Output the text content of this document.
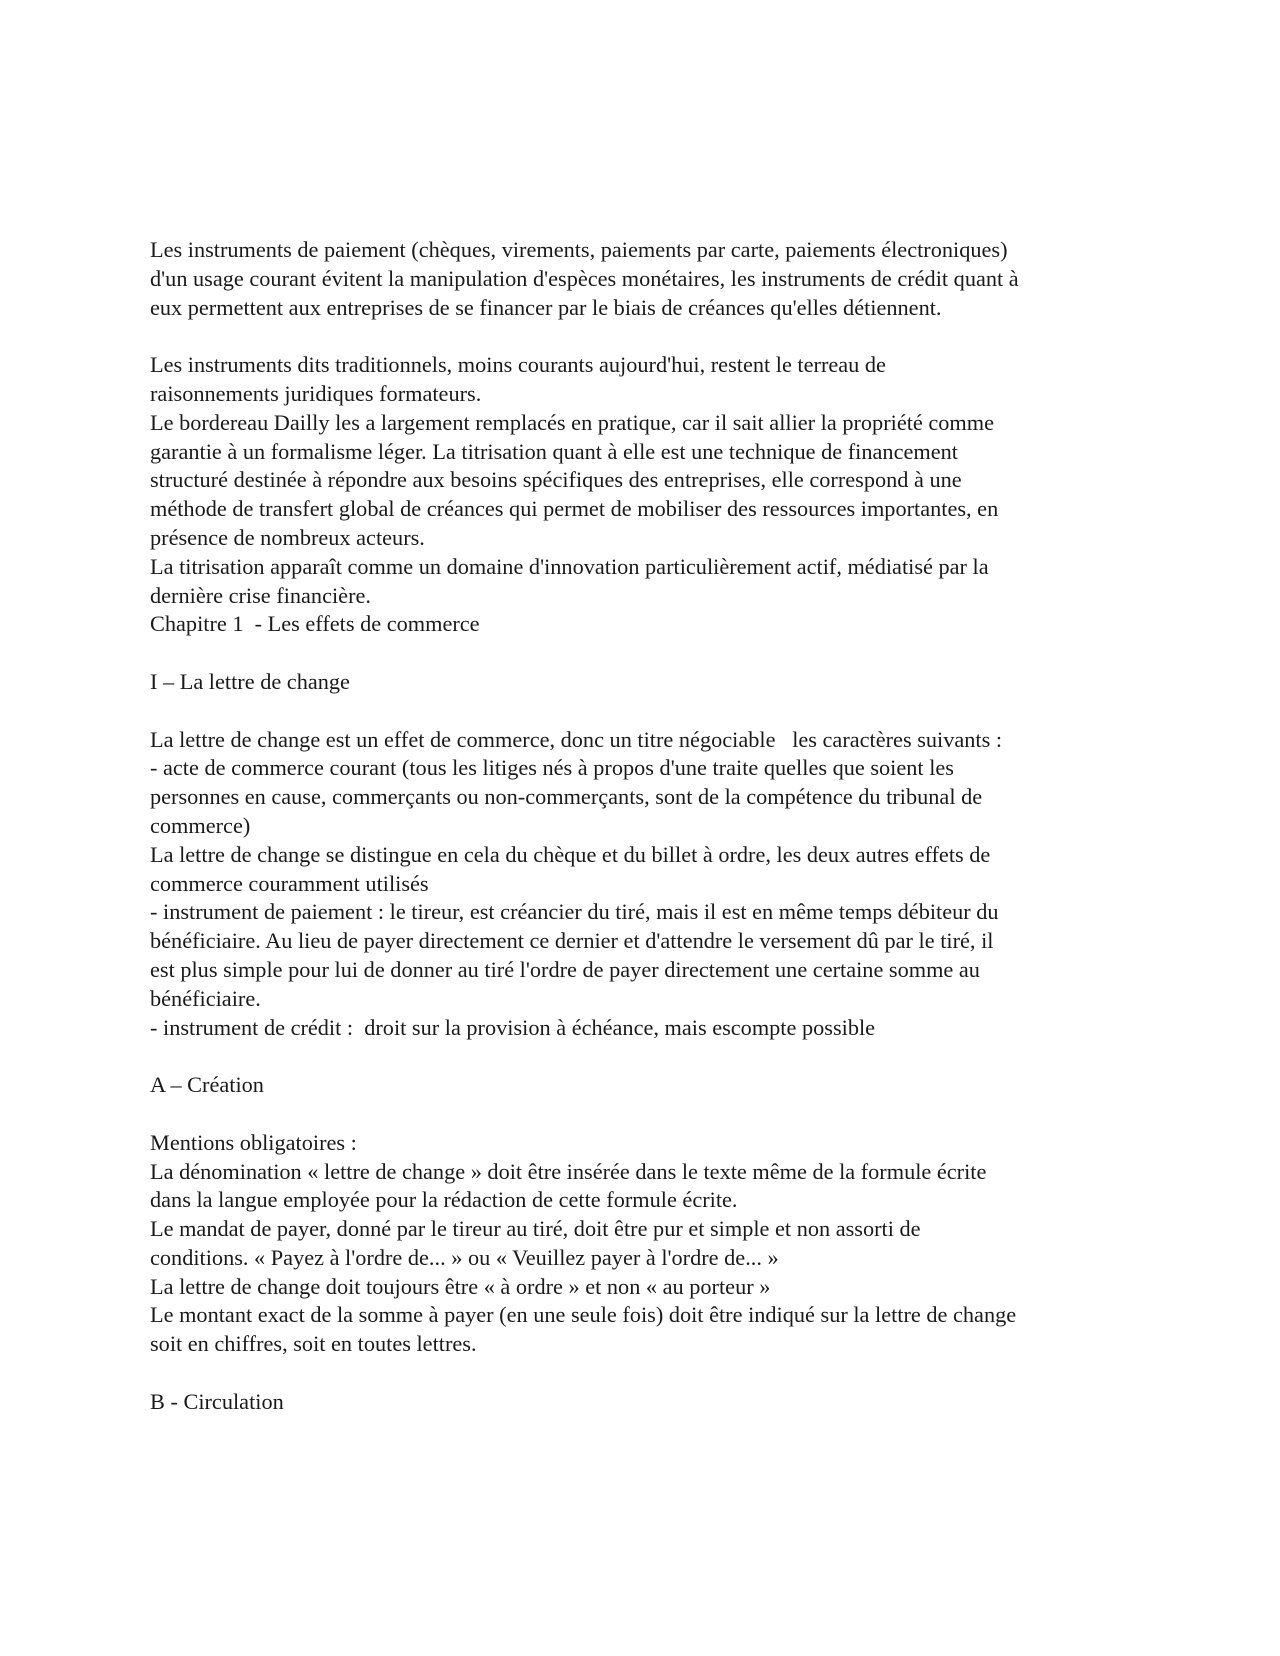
Les instruments de paiement (chèques, virements, paiements par carte, paiements électroniques)
d'un usage courant évitent la manipulation d'espèces monétaires, les instruments de crédit quant à
eux permettent aux entreprises de se financer par le biais de créances qu'elles détiennent.
Les instruments dits traditionnels, moins courants aujourd'hui, restent le terreau de
raisonnements juridiques formateurs.
Le bordereau Dailly les a largement remplacés en pratique, car il sait allier la propriété comme
garantie à un formalisme léger. La titrisation quant à elle est une technique de financement
structuré destinée à répondre aux besoins spécifiques des entreprises, elle correspond à une
méthode de transfert global de créances qui permet de mobiliser des ressources importantes, en
présence de nombreux acteurs.
La titrisation apparaît comme un domaine d'innovation particulièrement actif, médiatisé par la
dernière crise financière.
Chapitre 1  - Les effets de commerce
I – La lettre de change
La lettre de change est un effet de commerce, donc un titre négociable   les caractères suivants :
- acte de commerce courant (tous les litiges nés à propos d'une traite quelles que soient les
personnes en cause, commerçants ou non-commerçants, sont de la compétence du tribunal de
commerce)
La lettre de change se distingue en cela du chèque et du billet à ordre, les deux autres effets de
commerce couramment utilisés
- instrument de paiement : le tireur, est créancier du tiré, mais il est en même temps débiteur du
bénéficiaire. Au lieu de payer directement ce dernier et d'attendre le versement dû par le tiré, il
est plus simple pour lui de donner au tiré l'ordre de payer directement une certaine somme au
bénéficiaire.
- instrument de crédit :  droit sur la provision à échéance, mais escompte possible
A – Création
Mentions obligatoires :
La dénomination « lettre de change » doit être insérée dans le texte même de la formule écrite
dans la langue employée pour la rédaction de cette formule écrite.
Le mandat de payer, donné par le tireur au tiré, doit être pur et simple et non assorti de
conditions. « Payez à l'ordre de... » ou « Veuillez payer à l'ordre de... »
La lettre de change doit toujours être « à ordre » et non « au porteur »
Le montant exact de la somme à payer (en une seule fois) doit être indiqué sur la lettre de change
soit en chiffres, soit en toutes lettres.
B - Circulation
